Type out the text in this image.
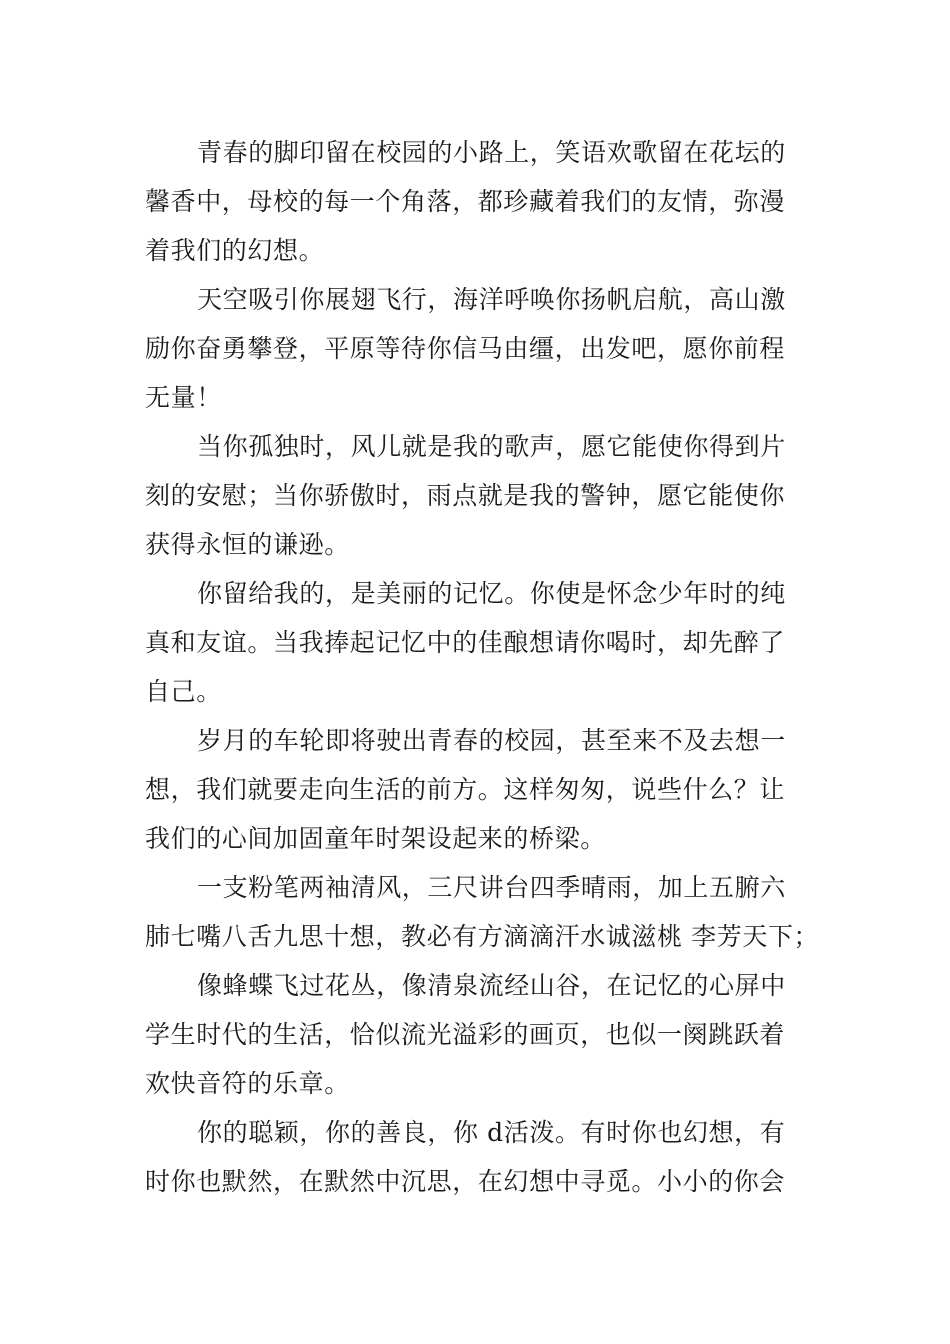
青春的脚印留在校园的小路上，笑语欢歌留在花坛的
馨香中，母校的每一个角落，都珍藏着我们的友情，弥漫
着我们的幻想。

天空吸引你展翅飞行，海洋呼唤你扬帆启航，高山激
励你奋勇攀登，平原等待你信马由缰，出发吧，愿你前程
无量！

当你孤独时，风儿就是我的歌声，愿它能使你得到片
刻的安慰；当你骄傲时，雨点就是我的警钟，愿它能使你
获得永恒的谦逊。

你留给我的，是美丽的记忆。你使是怀念少年时的纯
真和友谊。当我捧起记忆中的佳酿想请你喝时，却先醉了
自己。

岁月的车轮即将驶出青春的校园，甚至来不及去想一
想，我们就要走向生活的前方。这样匆匆，说些什么？让
我们的心间加固童年时架设起来的桥梁。

一支粉笔两袖清风，三尺讲台四季晴雨，加上五腑六
肺七嘴八舌九思十想，教必有方滴滴汗水诚滋桃 李芳天下；

像蜂蝶飞过花丛，像清泉流经山谷，在记忆的心屏中
学生时代的生活，恰似流光溢彩的画页，也似一阕跳跃着
欢快音符的乐章。

你的聪颖，你的善良，你 d活泼。有时你也幻想，有
时你也默然，在默然中沉思，在幻想中寻觅。小小的你会
